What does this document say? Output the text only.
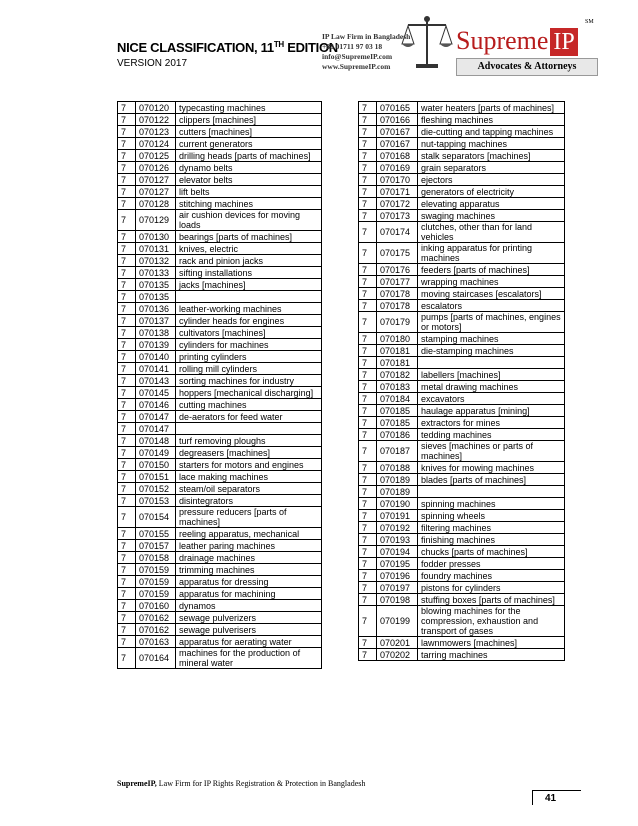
NICE CLASSIFICATION, 11TH EDITION
VERSION 2017
IP Law Firm in Bangladesh
+88 01711 97 03 18
info@SupremeIP.com
www.SupremeIP.com
Supreme IP
SM
Advocates & Attorneys
7	070120	typecasting machines
7	070122	clippers [machines]
7	070123	cutters [machines]
7	070124	current generators
7	070125	drilling heads [parts of machines]
7	070126	dynamo belts
7	070127	elevator belts
7	070127	lift belts
7	070128	stitching machines
7	070129	air cushion devices for moving loads
7	070130	bearings [parts of machines]
7	070131	knives, electric
7	070132	rack and pinion jacks
7	070133	sifting installations
7	070135	jacks [machines]
7	070135	
7	070136	leather-working machines
7	070137	cylinder heads for engines
7	070138	cultivators [machines]
7	070139	cylinders for machines
7	070140	printing cylinders
7	070141	rolling mill cylinders
7	070143	sorting machines for industry
7	070145	hoppers [mechanical discharging]
7	070146	cutting machines
7	070147	de-aerators for feed water
7	070147	
7	070148	turf removing ploughs
7	070149	degreasers [machines]
7	070150	starters for motors and engines
7	070151	lace making machines
7	070152	steam/oil separators
7	070153	disintegrators
7	070154	pressure reducers [parts of machines]
7	070155	reeling apparatus, mechanical
7	070157	leather paring machines
7	070158	drainage machines
7	070159	trimming machines
7	070159	apparatus for dressing
7	070159	apparatus for machining
7	070160	dynamos
7	070162	sewage pulverizers
7	070162	sewage pulverisers
7	070163	apparatus for aerating water
7	070164	machines for the production of mineral water
7	070165	water heaters [parts of machines]
7	070166	fleshing machines
7	070167	die-cutting and tapping machines
7	070167	nut-tapping machines
7	070168	stalk separators [machines]
7	070169	grain separators
7	070170	ejectors
7	070171	generators of electricity
7	070172	elevating apparatus
7	070173	swaging machines
7	070174	clutches, other than for land vehicles
7	070175	inking apparatus for printing machines
7	070176	feeders [parts of machines]
7	070177	wrapping machines
7	070178	moving staircases [escalators]
7	070178	escalators
7	070179	pumps [parts of machines, engines or motors]
7	070180	stamping machines
7	070181	die-stamping machines
7	070181	
7	070182	labellers [machines]
7	070183	metal drawing machines
7	070184	excavators
7	070185	haulage apparatus [mining]
7	070185	extractors for mines
7	070186	tedding machines
7	070187	sieves [machines or parts of machines]
7	070188	knives for mowing machines
7	070189	blades [parts of machines]
7	070189	
7	070190	spinning machines
7	070191	spinning wheels
7	070192	filtering machines
7	070193	finishing machines
7	070194	chucks [parts of machines]
7	070195	fodder presses
7	070196	foundry machines
7	070197	pistons for cylinders
7	070198	stuffing boxes [parts of machines]
7	070199	blowing machines for the compression, exhaustion and transport of gases
7	070201	lawnmowers [machines]
7	070202	tarring machines
SupremeIP, Law Firm for IP Rights Registration & Protection in Bangladesh
41
